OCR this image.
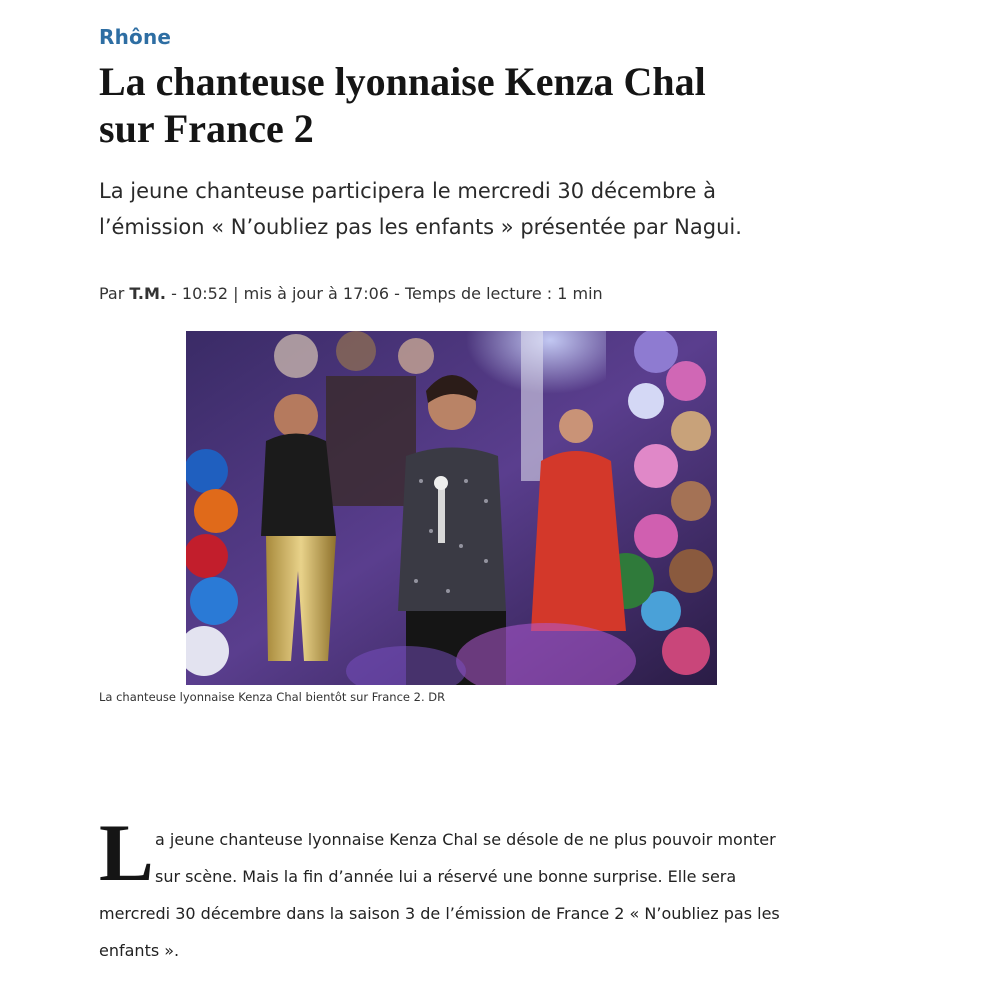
Rhône
La chanteuse lyonnaise Kenza Chal
sur France 2

La jeune chanteuse participera le mercredi 30 décembre à
l’émission « N’oubliez pas les enfants » présentée par Nagui.

Par T.M. - 10:52 | mis à jour à 17:06 - Temps de lecture : 1 min
La chanteuse lyonnaise Kenza Chal bientôt sur France 2. DR
L a jeune chanteuse lyonnaise Kenza Chal se désole de ne plus pouvoir monter
sur scène. Mais la fin d’année lui a réservé une bonne surprise. Elle sera
mercredi 30 décembre dans la saison 3 de l’émission de France 2 « N’oubliez pas les
enfants ».
